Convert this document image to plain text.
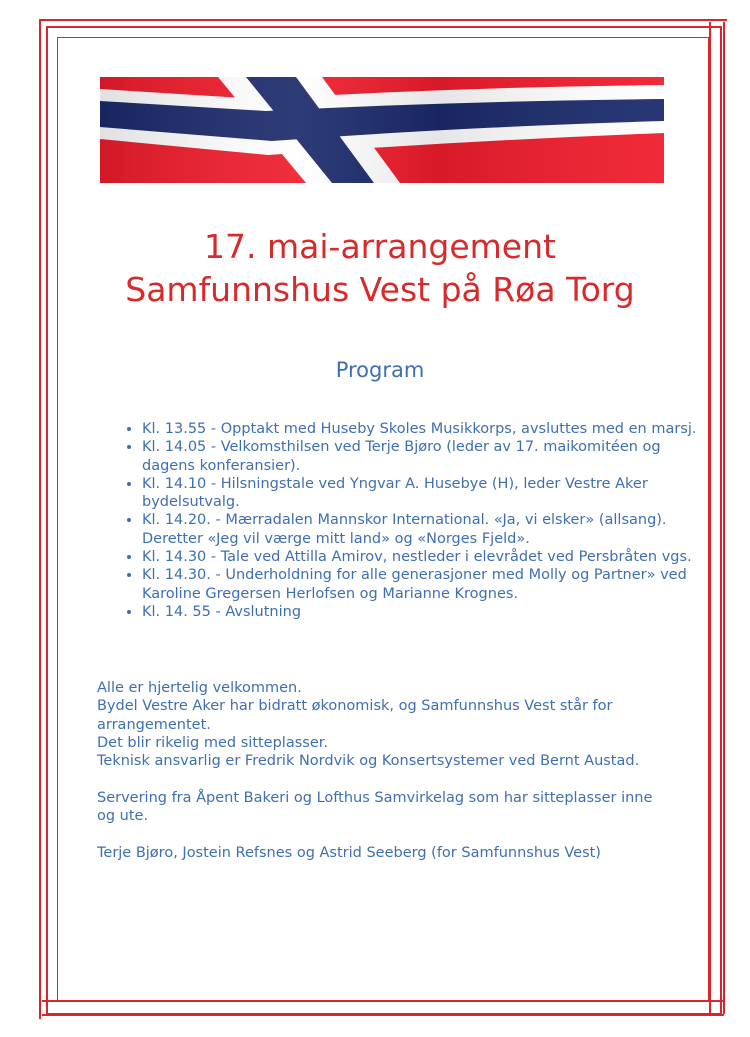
17. mai-arrangement
Samfunnshus Vest på Røa Torg
Program
• Kl. 13.55 - Opptakt med Huseby Skoles Musikkorps, avsluttes med en marsj.
• Kl. 14.05 - Velkomsthilsen ved Terje Bjøro (leder av 17. maikomitéen og dagens konferansier).
• Kl. 14.10 - Hilsningstale ved Yngvar A. Husebye (H), leder Vestre Aker bydelsutvalg.
• Kl. 14.20. - Mærradalen Mannskor International. «Ja, vi elsker» (allsang). Deretter «Jeg vil værge mitt land» og «Norges Fjeld».
• Kl. 14.30 - Tale ved Attilla Amirov, nestleder i elevrådet ved Persbråten vgs.
• Kl. 14.30. - Underholdning for alle generasjoner med Molly og Partner» ved Karoline Gregersen Herlofsen og Marianne Krognes.
• Kl. 14. 55 - Avslutning

Alle er hjertelig velkommen.

Bydel Vestre Aker har bidratt økonomisk, og Samfunnshus Vest står for arrangementet.

Det blir rikelig med sitteplasser.

Teknisk ansvarlig er Fredrik Nordvik og Konsertsystemer ved Bernt Austad.

Servering fra Åpent Bakeri og Lofthus Samvirkelag som har sitteplasser inne og ute.

Terje Bjøro, Jostein Refsnes og Astrid Seeberg (for Samfunnshus Vest)
